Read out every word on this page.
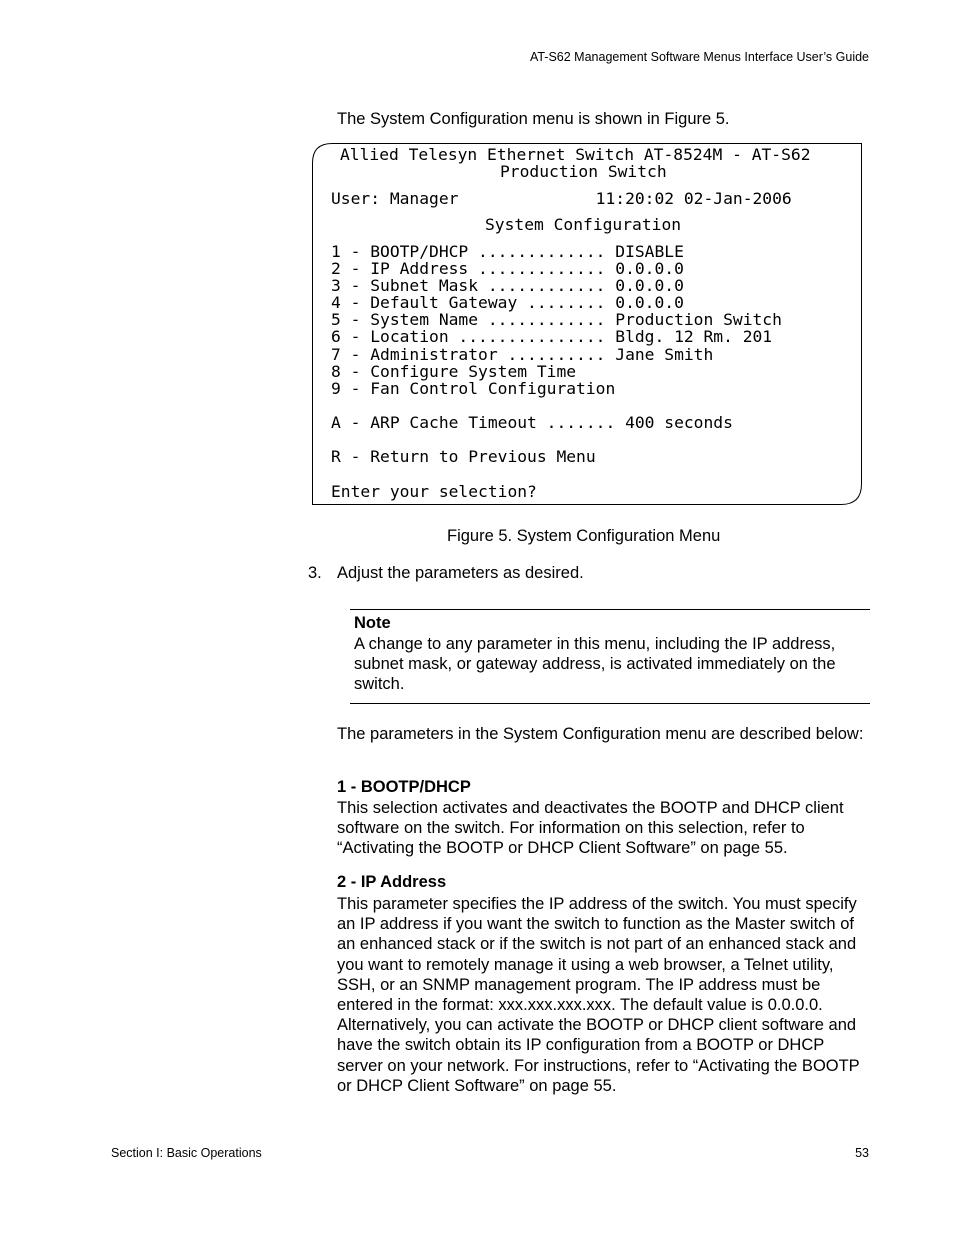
AT-S62 Management Software Menus Interface User’s Guide
The System Configuration menu is shown in Figure 5.
Allied Telesyn Ethernet Switch AT-8524M - AT-S62
Production Switch
User: Manager              11:20:02 02-Jan-2006
System Configuration
1 - BOOTP/DHCP ............. DISABLE
2 - IP Address ............. 0.0.0.0
3 - Subnet Mask ............ 0.0.0.0
4 - Default Gateway ........ 0.0.0.0
5 - System Name ............ Production Switch
6 - Location ............... Bldg. 12 Rm. 201
7 - Administrator .......... Jane Smith
8 - Configure System Time
9 - Fan Control Configuration
A - ARP Cache Timeout ....... 400 seconds
R - Return to Previous Menu
Enter your selection?
Figure 5. System Configuration Menu
3. Adjust the parameters as desired.
Note
A change to any parameter in this menu, including the IP address, subnet mask, or gateway address, is activated immediately on the switch.
The parameters in the System Configuration menu are described below:
1 - BOOTP/DHCP
This selection activates and deactivates the BOOTP and DHCP client software on the switch. For information on this selection, refer to “Activating the BOOTP or DHCP Client Software” on page 55.
2 - IP Address
This parameter specifies the IP address of the switch. You must specify an IP address if you want the switch to function as the Master switch of an enhanced stack or if the switch is not part of an enhanced stack and you want to remotely manage it using a web browser, a Telnet utility, SSH, or an SNMP management program. The IP address must be entered in the format: xxx.xxx.xxx.xxx. The default value is 0.0.0.0. Alternatively, you can activate the BOOTP or DHCP client software and have the switch obtain its IP configuration from a BOOTP or DHCP server on your network. For instructions, refer to “Activating the BOOTP or DHCP Client Software” on page 55.
Section I: Basic Operations	53
